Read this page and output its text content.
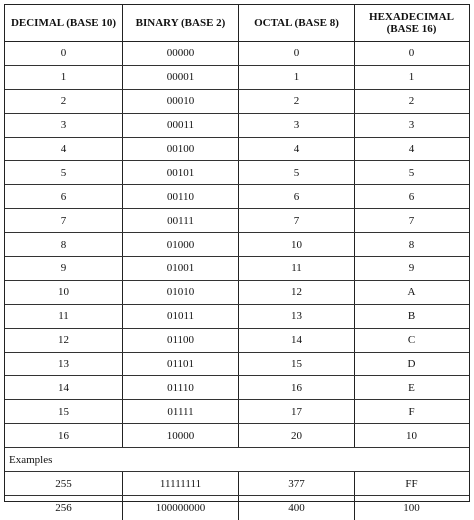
DECIMAL (BASE 10)	BINARY (BASE 2)	OCTAL (BASE 8)	HEXADECIMAL (BASE 16)
0	00000	0	0
1	00001	1	1
2	00010	2	2
3	00011	3	3
4	00100	4	4
5	00101	5	5
6	00110	6	6
7	00111	7	7
8	01000	10	8
9	01001	11	9
10	01010	12	A
11	01011	13	B
12	01100	14	C
13	01101	15	D
14	01110	16	E
15	01111	17	F
16	10000	20	10
Examples
255	11111111	377	FF
256	100000000	400	100
